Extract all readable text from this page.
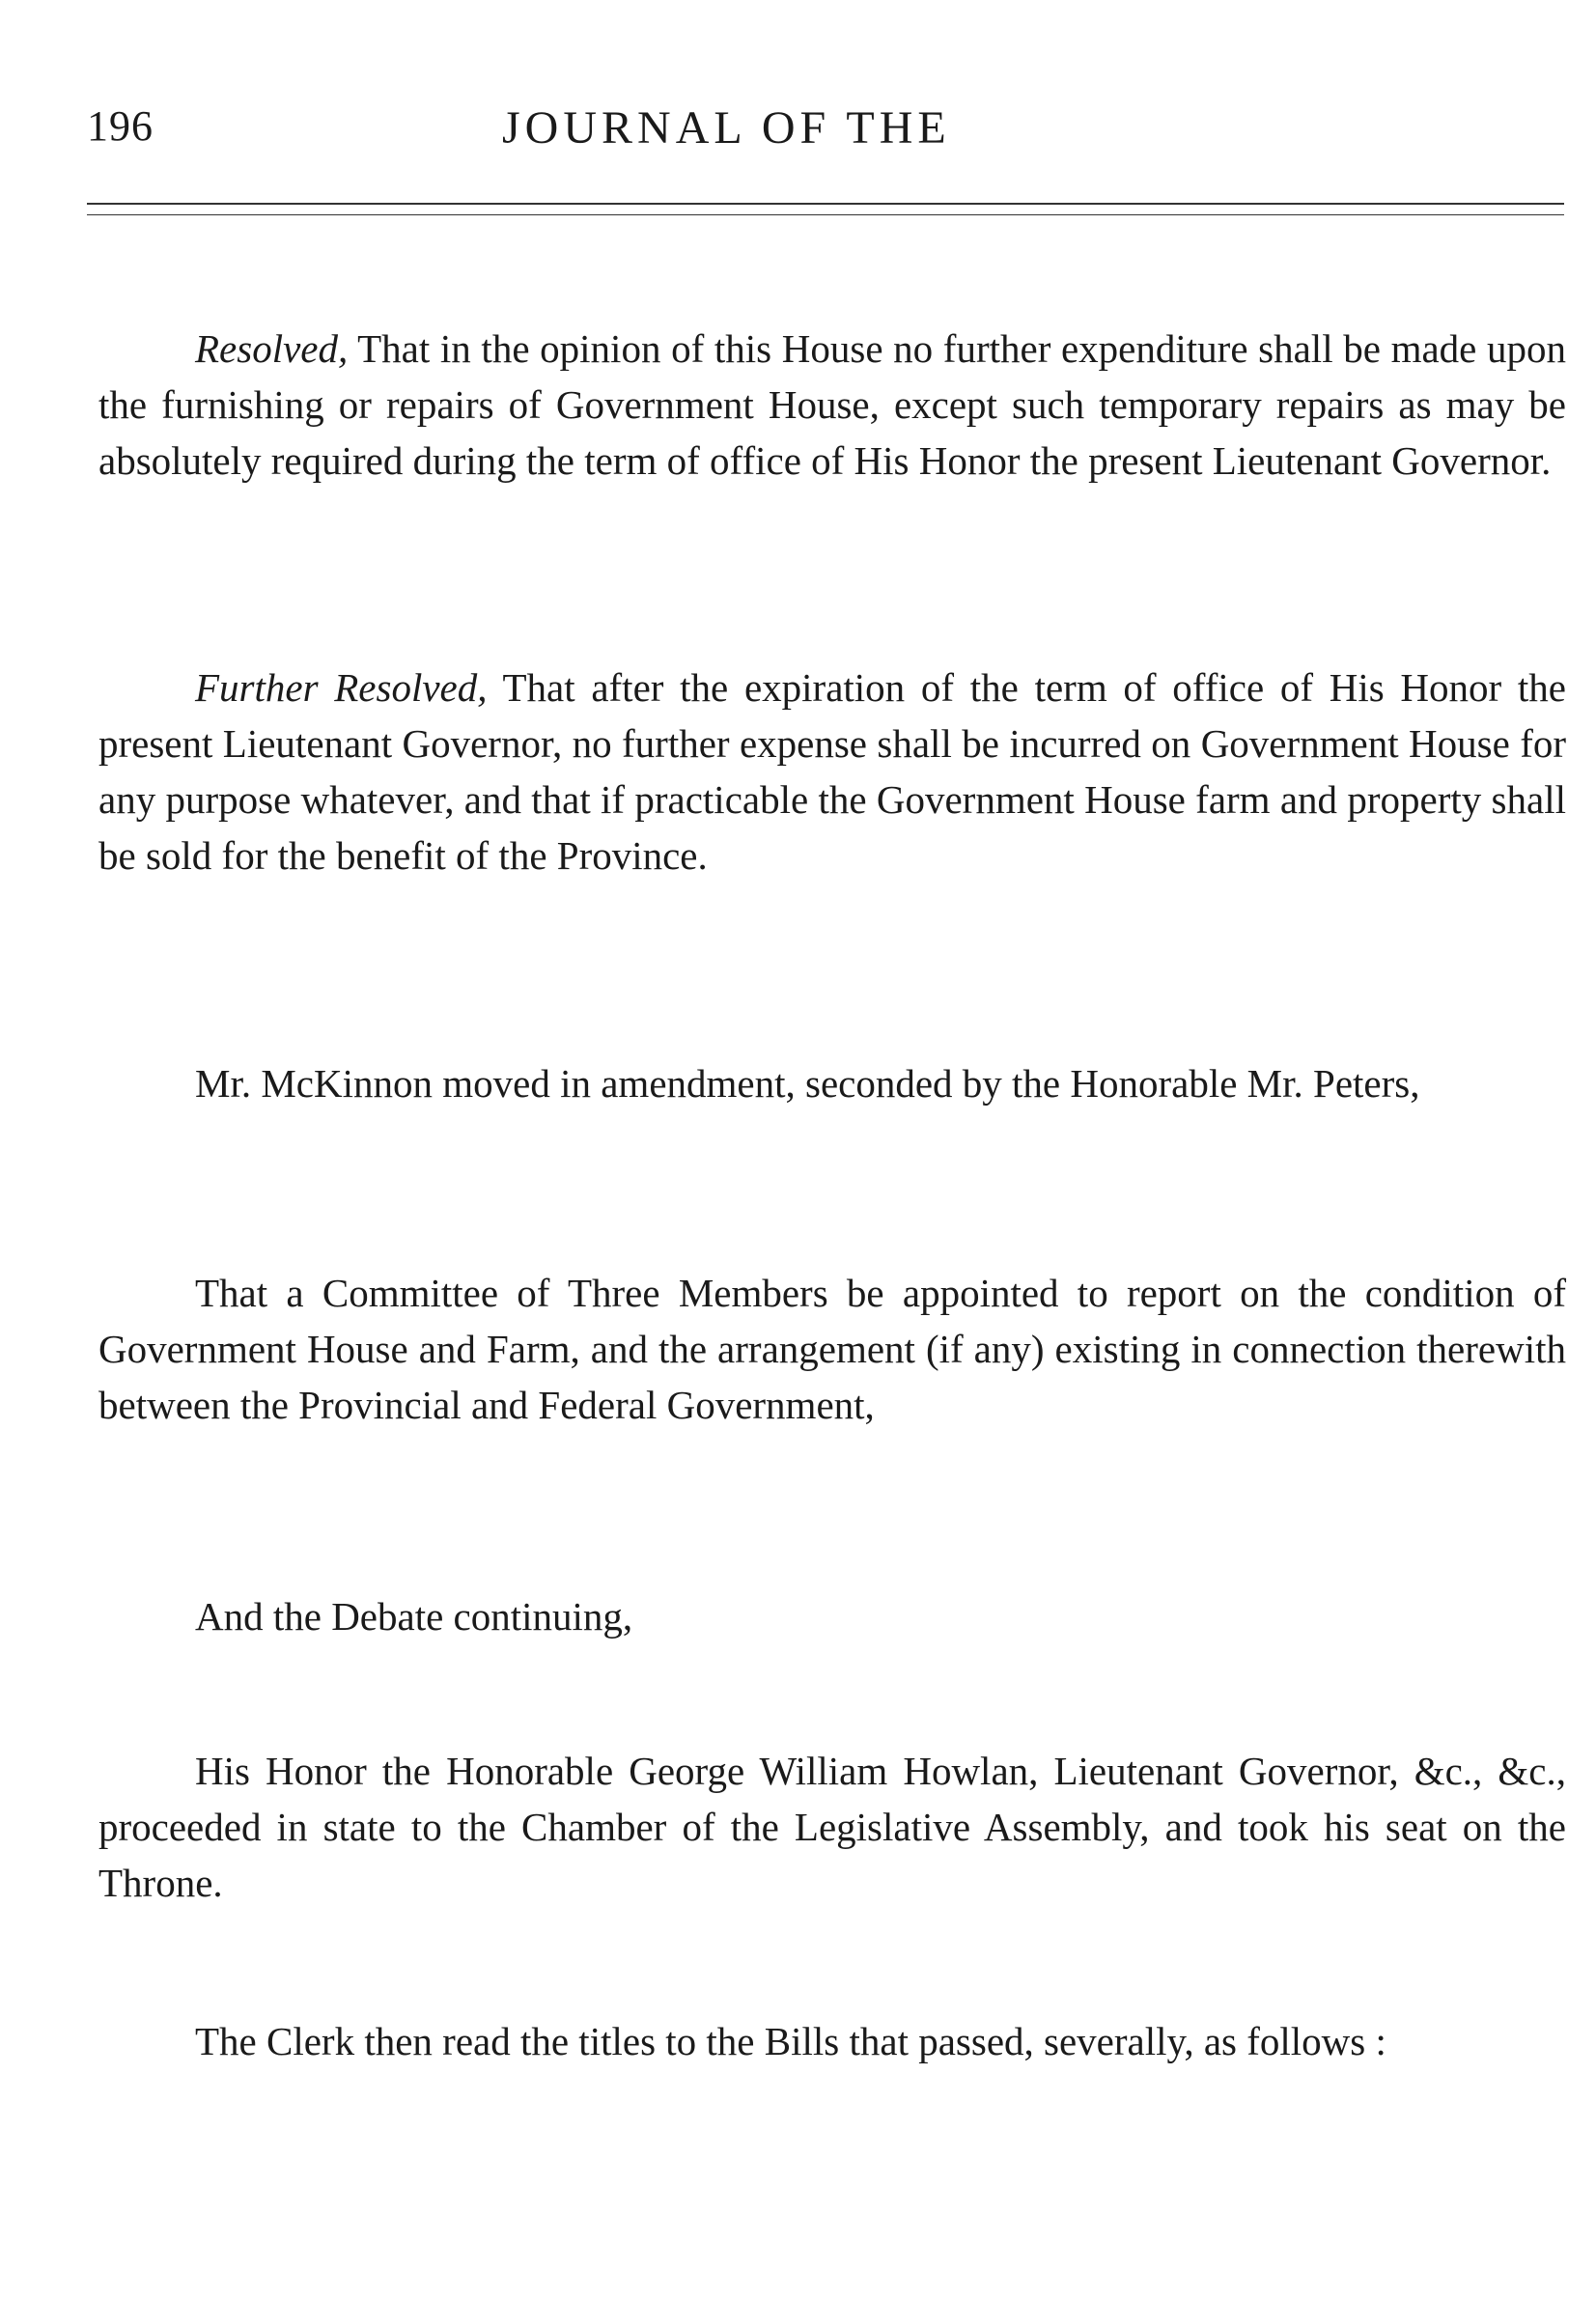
196	JOURNAL OF THE

Resolved, That in the opinion of this House no further expenditure shall be made upon the furnishing or repairs of Government House, except such temporary repairs as may be absolutely required during the term of office of His Honor the present Lieutenant Governor.

Further Resolved, That after the expiration of the term of office of His Honor the present Lieutenant Governor, no further expense shall be incurred on Government House for any purpose whatever, and that if practicable the Government House farm and property shall be sold for the benefit of the Province.

Mr. McKinnon moved in amendment, seconded by the Honorable Mr. Peters,

That a Committee of Three Members be appointed to report on the condition of Government House and Farm, and the arrangement (if any) existing in connection therewith between the Provincial and Federal Government,

And the Debate continuing,

His Honor the Honorable George William Howlan, Lieutenant Governor, &c., &c., proceeded in state to the Chamber of the Legislative Assembly, and took his seat on the Throne.

The Clerk then read the titles to the Bills that passed, severally, as follows :
